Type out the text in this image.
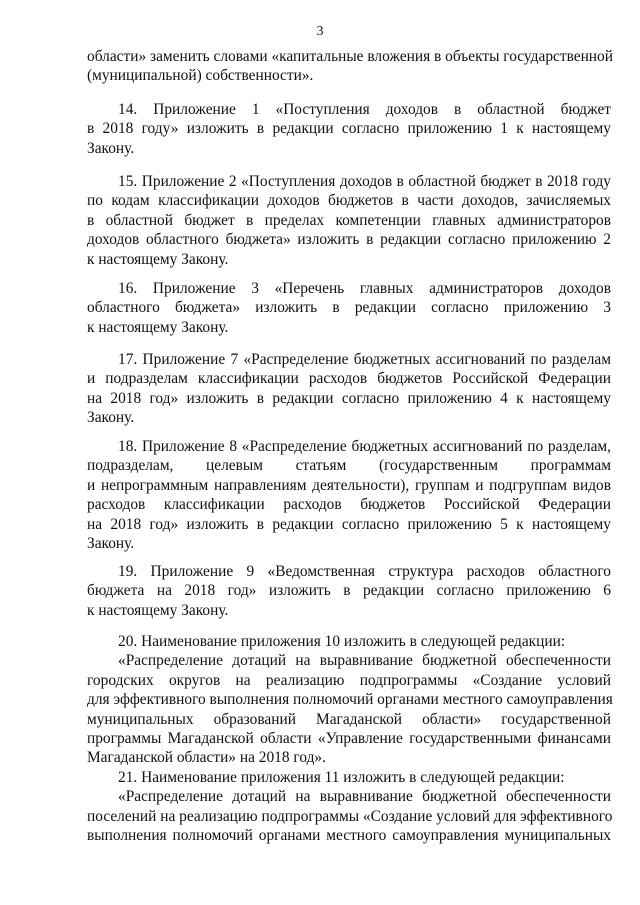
3
области» заменить словами «капитальные вложения в объекты государственной
(муниципальной) собственности».
14. Приложение 1 «Поступления доходов в областной бюджет
в 2018 году» изложить в редакции согласно приложению 1 к настоящему
Закону.
15. Приложение 2 «Поступления доходов в областной бюджет в 2018 году
по кодам классификации доходов бюджетов в части доходов, зачисляемых
в областной бюджет в пределах компетенции главных администраторов
доходов областного бюджета» изложить в редакции согласно приложению 2
к настоящему Закону.
16. Приложение 3 «Перечень главных администраторов доходов
областного бюджета» изложить в редакции согласно приложению 3
к настоящему Закону.
17. Приложение 7 «Распределение бюджетных ассигнований по разделам
и подразделам классификации расходов бюджетов Российской Федерации
на 2018 год» изложить в редакции согласно приложению 4 к настоящему
Закону.
18. Приложение 8 «Распределение бюджетных ассигнований по разделам,
подразделам, целевым статьям (государственным программам
и непрограммным направлениям деятельности), группам и подгруппам видов
расходов классификации расходов бюджетов Российской Федерации
на 2018 год» изложить в редакции согласно приложению 5 к настоящему
Закону.
19. Приложение 9 «Ведомственная структура расходов областного
бюджета на 2018 год» изложить в редакции согласно приложению 6
к настоящему Закону.
20. Наименование приложения 10 изложить в следующей редакции:
«Распределение дотаций на выравнивание бюджетной обеспеченности
городских округов на реализацию подпрограммы «Создание условий
для эффективного выполнения полномочий органами местного самоуправления
муниципальных образований Магаданской области» государственной
программы Магаданской области «Управление государственными финансами
Магаданской области» на 2018 год».
21. Наименование приложения 11 изложить в следующей редакции:
«Распределение дотаций на выравнивание бюджетной обеспеченности
поселений на реализацию подпрограммы «Создание условий для эффективного
выполнения полномочий органами местного самоуправления муниципальных
